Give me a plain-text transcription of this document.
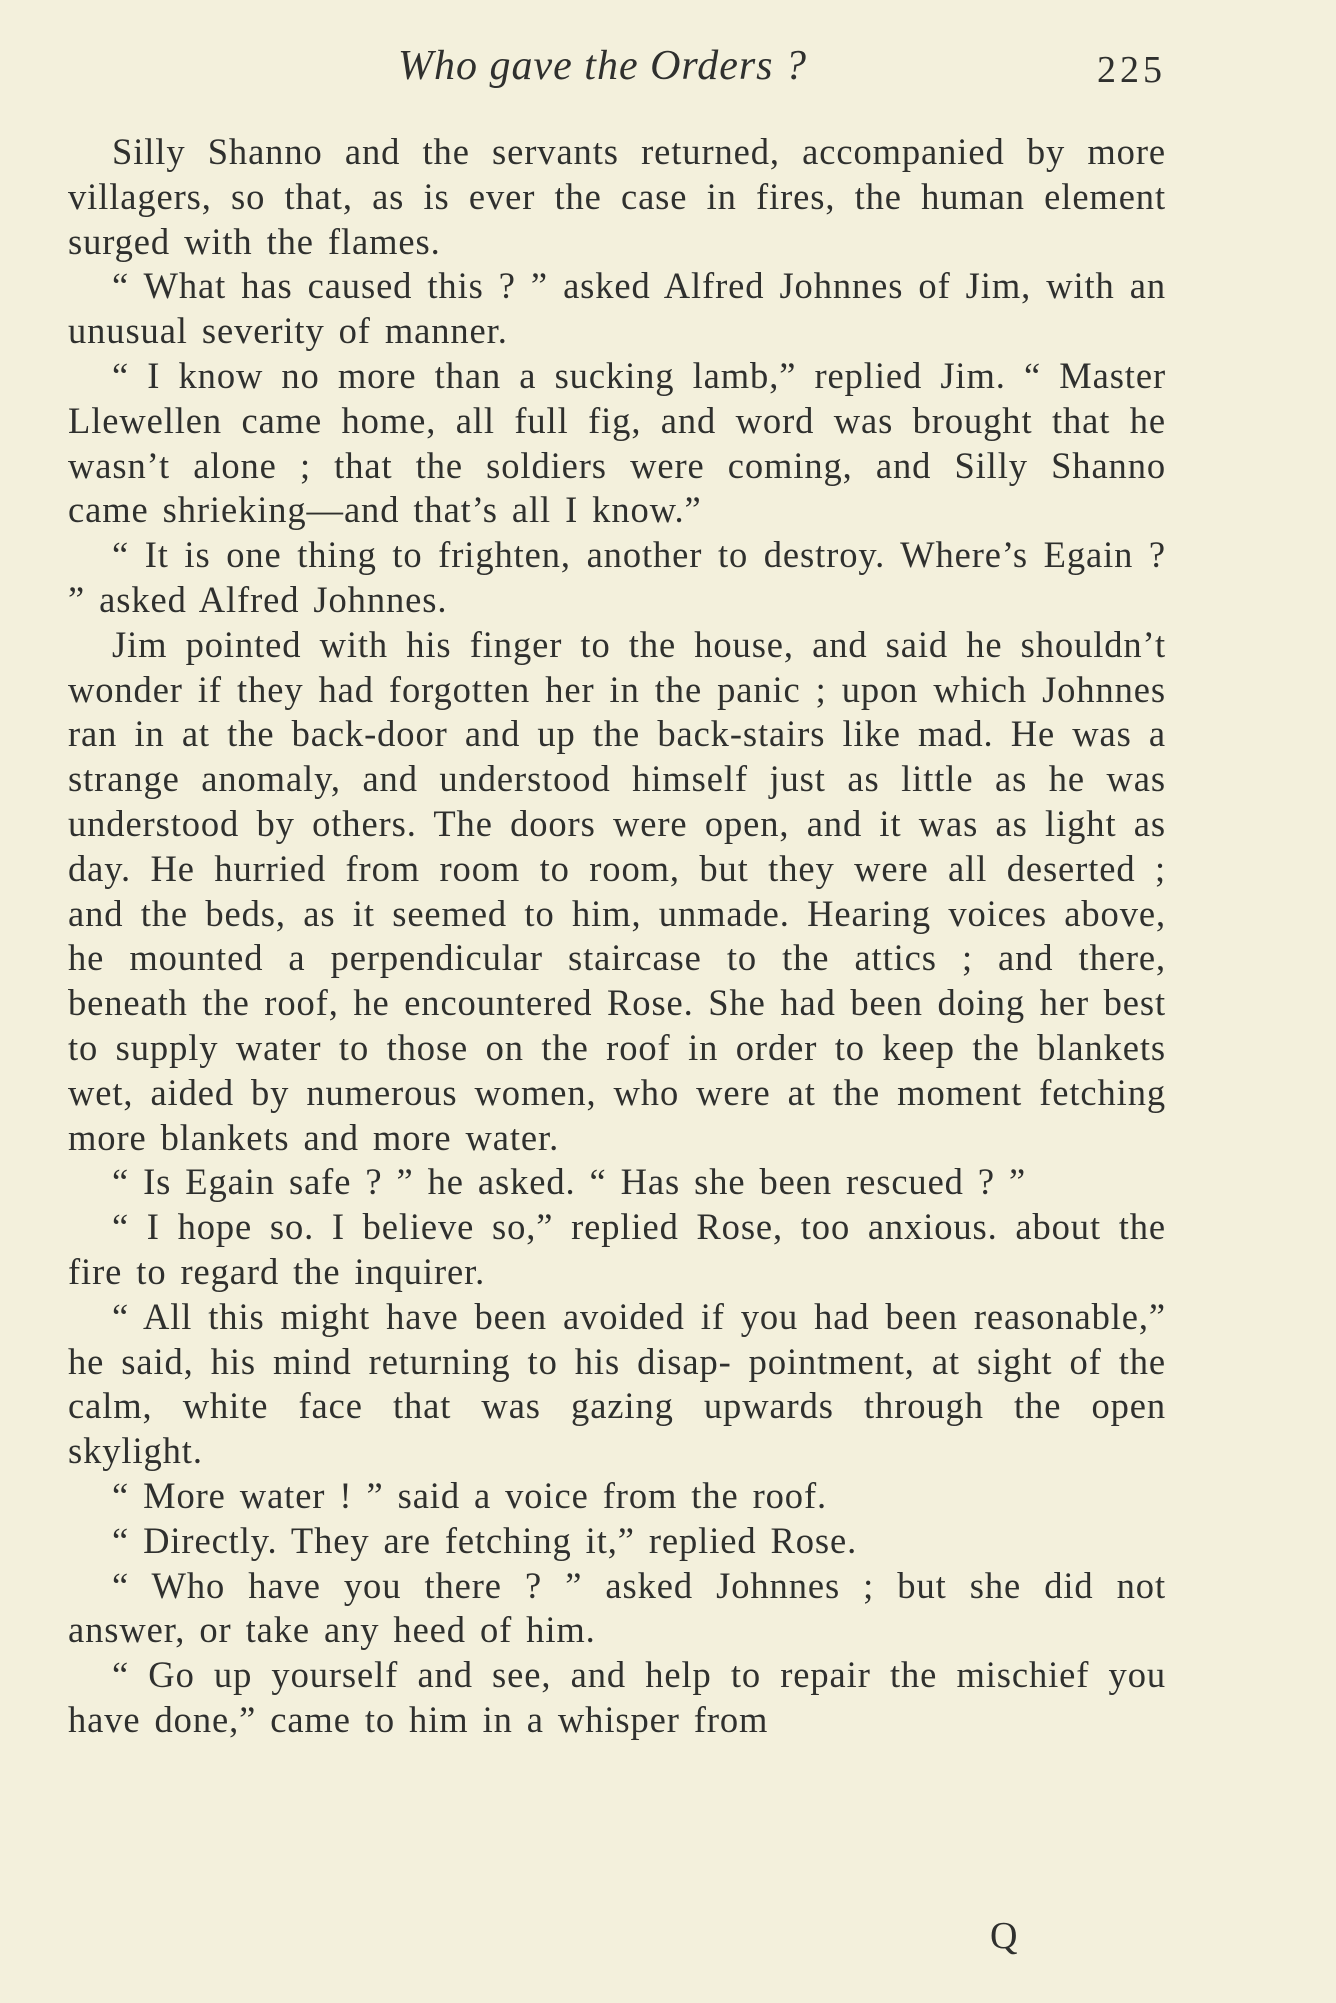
Who gave the Orders ?	225

Silly Shanno and the servants returned, accompanied by more villagers, so that, as is ever the case in fires, the human element surged with the flames.

“ What has caused this ? ” asked Alfred Johnnes of Jim, with an unusual severity of manner.

“ I know no more than a sucking lamb,” replied Jim. “ Master Llewellen came home, all full fig, and word was brought that he wasn’t alone ; that the soldiers were coming, and Silly Shanno came shrieking—and that’s all I know.”

“ It is one thing to frighten, another to destroy. Where’s Egain ? ” asked Alfred Johnnes.

Jim pointed with his finger to the house, and said he shouldn’t wonder if they had forgotten her in the panic ; upon which Johnnes ran in at the back-door and up the back-stairs like mad. He was a strange anomaly, and understood himself just as little as he was understood by others. The doors were open, and it was as light as day. He hurried from room to room, but they were all deserted ; and the beds, as it seemed to him, unmade. Hearing voices above, he mounted a perpendicular staircase to the attics ; and there, beneath the roof, he encountered Rose. She had been doing her best to supply water to those on the roof in order to keep the blankets wet, aided by numerous women, who were at the moment fetching more blankets and more water.

“ Is Egain safe ? ” he asked. “ Has she been rescued ? ”

“ I hope so. I believe so,” replied Rose, too anxious. about the fire to regard the inquirer.

“ All this might have been avoided if you had been reasonable,” he said, his mind returning to his disap- pointment, at sight of the calm, white face that was gazing upwards through the open skylight.

“ More water ! ” said a voice from the roof.

“ Directly. They are fetching it,” replied Rose.

“ Who have you there ? ” asked Johnnes ; but she did not answer, or take any heed of him.

“ Go up yourself and see, and help to repair the mischief you have done,” came to him in a whisper from

Q
